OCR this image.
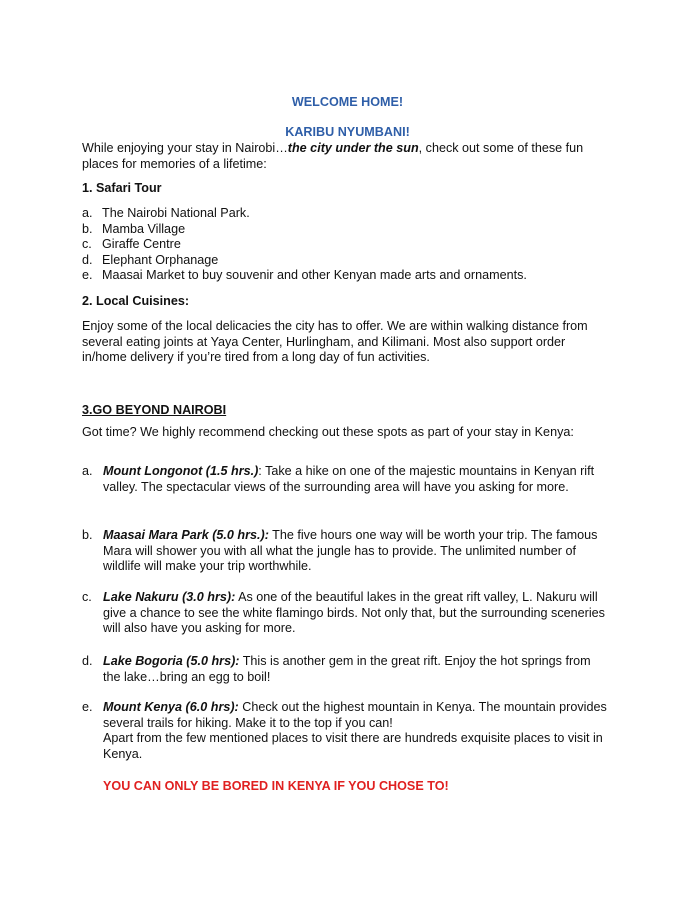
WELCOME HOME!
KARIBU NYUMBANI!

While enjoying your stay in Nairobi…the city under the sun, check out some of these fun places for memories of a lifetime:

1. Safari Tour
a. The Nairobi National Park.
b. Mamba Village
c. Giraffe Centre
d. Elephant Orphanage
e. Maasai Market to buy souvenir and other Kenyan made arts and ornaments.
2. Local Cuisines:

Enjoy some of the local delicacies the city has to offer. We are within walking distance from several eating joints at Yaya Center, Hurlingham, and Kilimani. Most also support order in/home delivery if you’re tired from a long day of fun activities.

3.GO BEYOND NAIROBI

Got time? We highly recommend checking out these spots as part of your stay in Kenya:

a. Mount Longonot (1.5 hrs.): Take a hike on one of the majestic mountains in Kenyan rift valley. The spectacular views of the surrounding area will have you asking for more.
b. Maasai Mara Park (5.0 hrs.): The five hours one way will be worth your trip. The famous Mara will shower you with all what the jungle has to provide. The unlimited number of wildlife will make your trip worthwhile.
c. Lake Nakuru (3.0 hrs): As one of the beautiful lakes in the great rift valley, L. Nakuru will give a chance to see the white flamingo birds. Not only that, but the surrounding sceneries will also have you asking for more.
d. Lake Bogoria (5.0 hrs): This is another gem in the great rift. Enjoy the hot springs from the lake…bring an egg to boil!
e. Mount Kenya (6.0 hrs): Check out the highest mountain in Kenya. The mountain provides several trails for hiking. Make it to the top if you can!
Apart from the few mentioned places to visit there are hundreds exquisite places to visit in Kenya.
YOU CAN ONLY BE BORED IN KENYA IF YOU CHOSE TO!
